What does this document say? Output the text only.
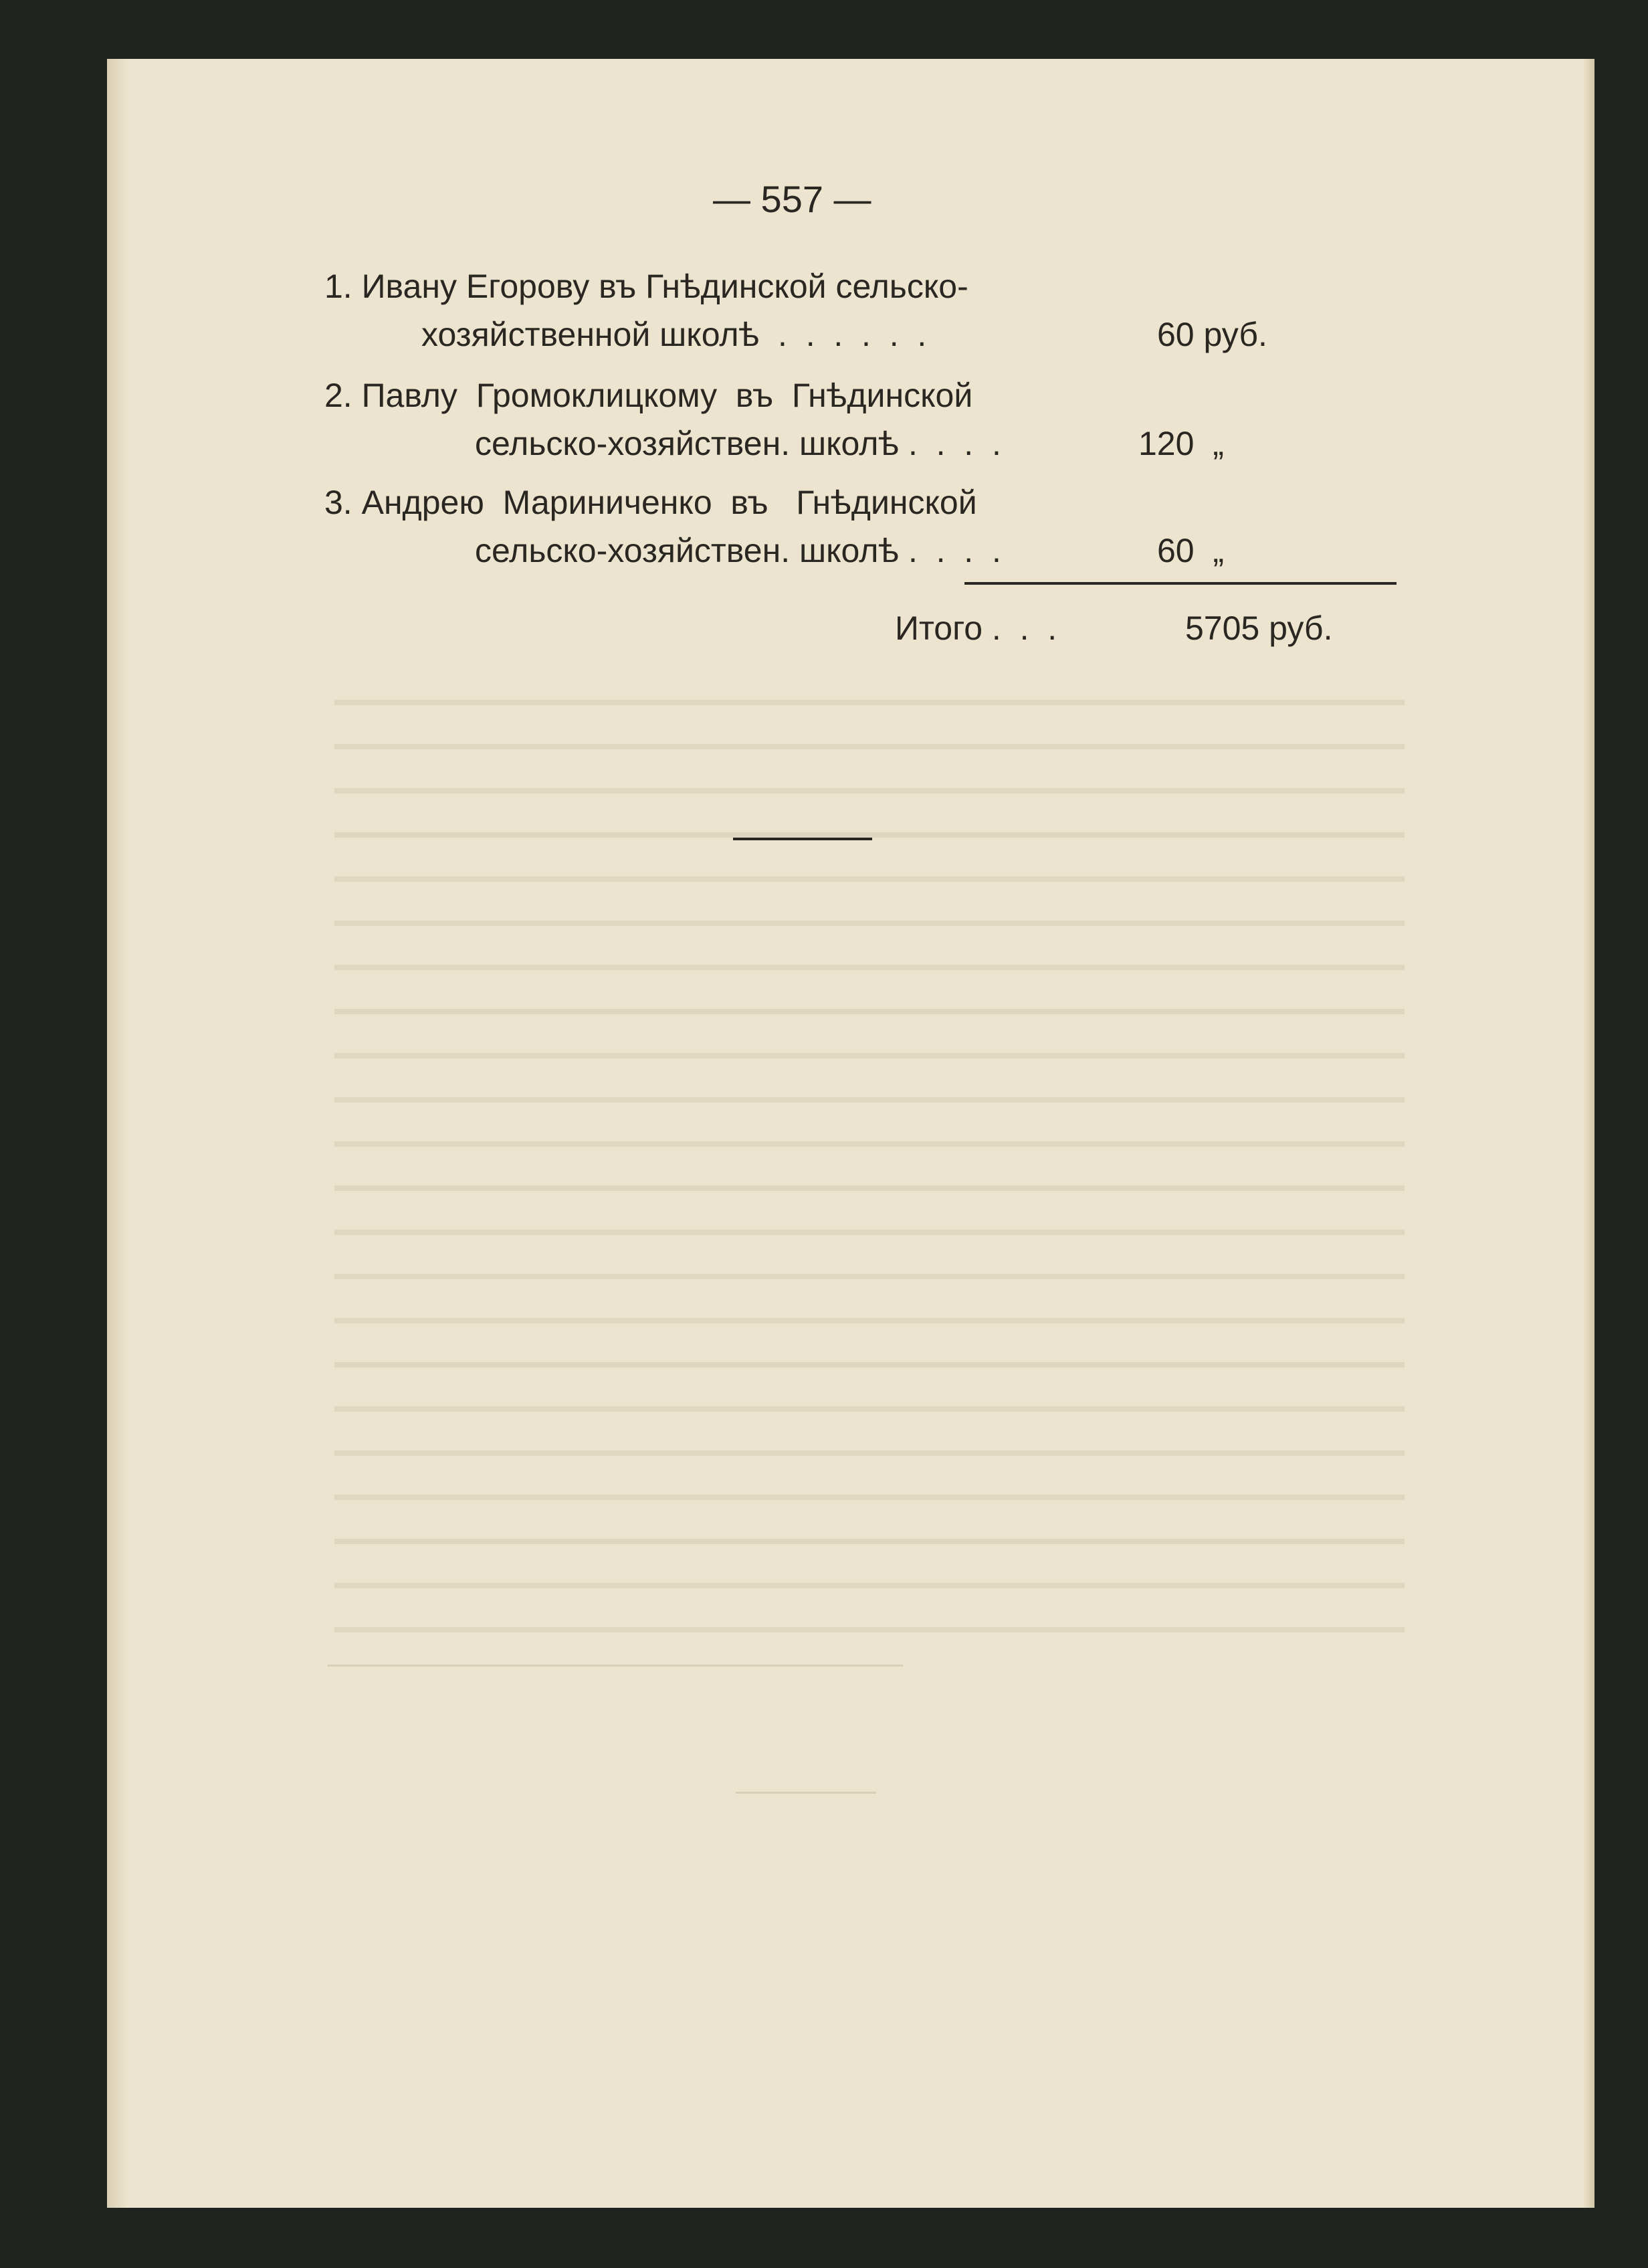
— 557 —
1. Ивану Егорову въ Гнѣдинской сельско-
хозяйственной школѣ  .  .  .  .  .  .	60 руб.
2. Павлу  Громоклицкому  въ  Гнѣдинской
сельско-хозяйствен. школѣ .  .  .  .	120  „
3. Андрею  Мариниченко  въ   Гнѣдинской
сельско-хозяйствен. школѣ .  .  .  .	60  „
Итого .  .  .	5705 руб.
